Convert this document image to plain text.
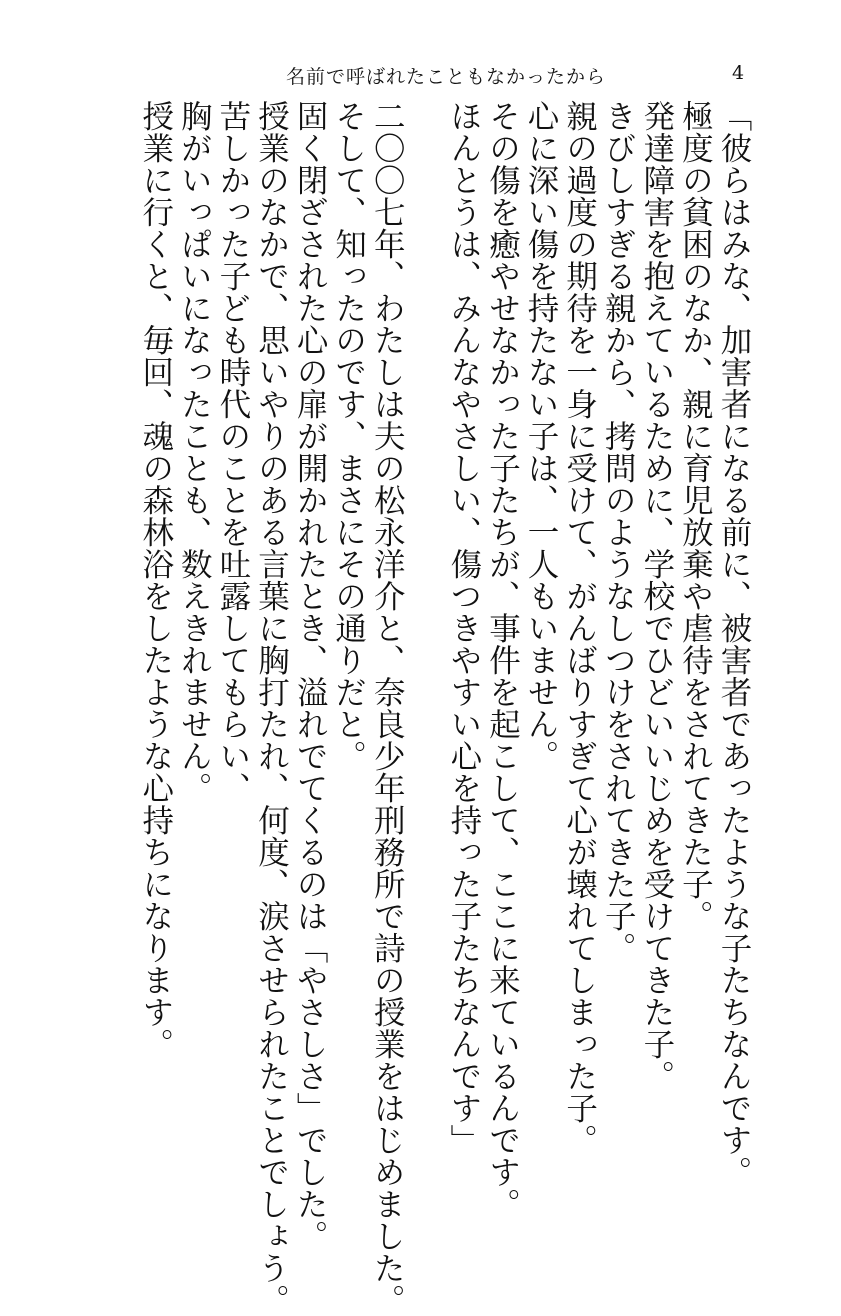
名前で呼ばれたこともなかったから	4
「彼らはみな、加害者になる前に、被害者であったような子たちなんです。
極度の貧困のなか、親に育児放棄や虐待をされてきた子。
発達障害を抱えているために、学校でひどいいじめを受けてきた子。
きびしすぎる親から、拷問のようなしつけをされてきた子。
親の過度の期待を一身に受けて、がんばりすぎて心が壊れてしまった子。
心に深い傷を持たない子は、一人もいません。
その傷を癒やせなかった子たちが、事件を起こして、ここに来ているんです。
ほんとうは、みんなやさしい、傷つきやすい心を持った子たちなんです」
二〇〇七年、わたしは夫の松永洋介と、奈良少年刑務所で詩の授業をはじめました。
そして、知ったのです、まさにその通りだと。
固く閉ざされた心の扉が開かれたとき、溢れでてくるのは「やさしさ」でした。
授業のなかで、思いやりのある言葉に胸打たれ、何度、涙させられたことでしょう。
苦しかった子ども時代のことを吐露してもらい、
胸がいっぱいになったことも、数えきれません。
授業に行くと、毎回、魂の森林浴をしたような心持ちになります。
